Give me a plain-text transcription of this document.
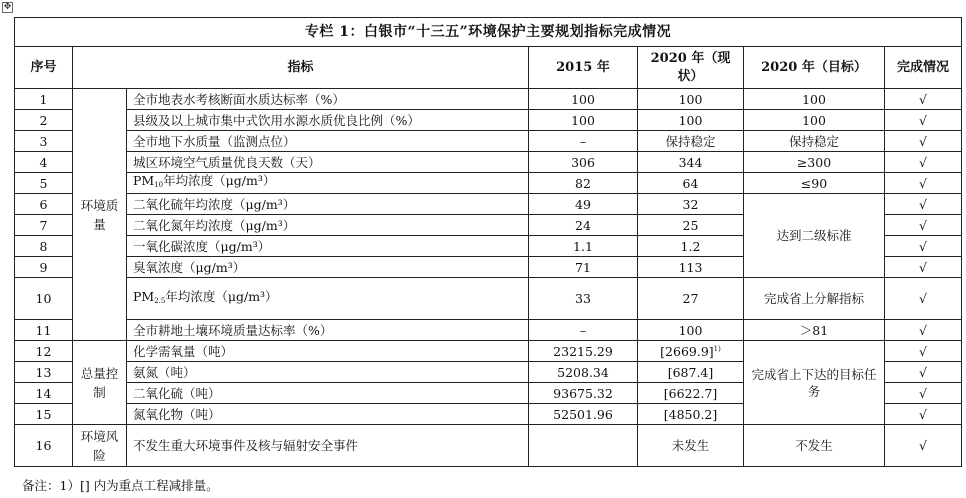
✥
专栏 1：白银市“十三五”环境保护主要规划指标完成情况						
序号	指标		2015 年	2020 年（现状）	2020 年（目标）	完成情况
1	环境质量	全市地表水考核断面水质达标率（%）	100	100	100	√
2		县级及以上城市集中式饮用水源水质优良比例（%）	100	100	100	√
3		全市地下水质量（监测点位）	–	保持稳定	保持稳定	√
4		城区环境空气质量优良天数（天）	306	344	≥300	√
5		$PM_{10}$年均浓度（μg/m³）	82	64	≤90	√
6		二氧化硫年均浓度（μg/m³）	49	32	达到二级标准	√
7		二氧化氮年均浓度（μg/m³）	24	25		√
8		一氧化碳浓度（μg/m³）	1.1	1.2		√
9		臭氧浓度（μg/m³）	71	113		√
10		$PM_{2.5}$年均浓度（μg/m³）	33	27	完成省上分解指标	√
11		全市耕地土壤环境质量达标率（%）	–	100	＞81	√
12	总量控制	化学需氧量（吨）	23215.29	$[2669.9]^{1)}$	完成省上下达的目标任务	√
13		氨氮（吨）	5208.34	[687.4]		√
14		二氧化硫（吨）	93675.32	[6622.7]		√
15		氮氧化物（吨）	52501.96	[4850.2]		√
16	环境风险	不发生重大环境事件及核与辐射安全事件		未发生	不发生	√
备注：1）[] 内为重点工程减排量。
